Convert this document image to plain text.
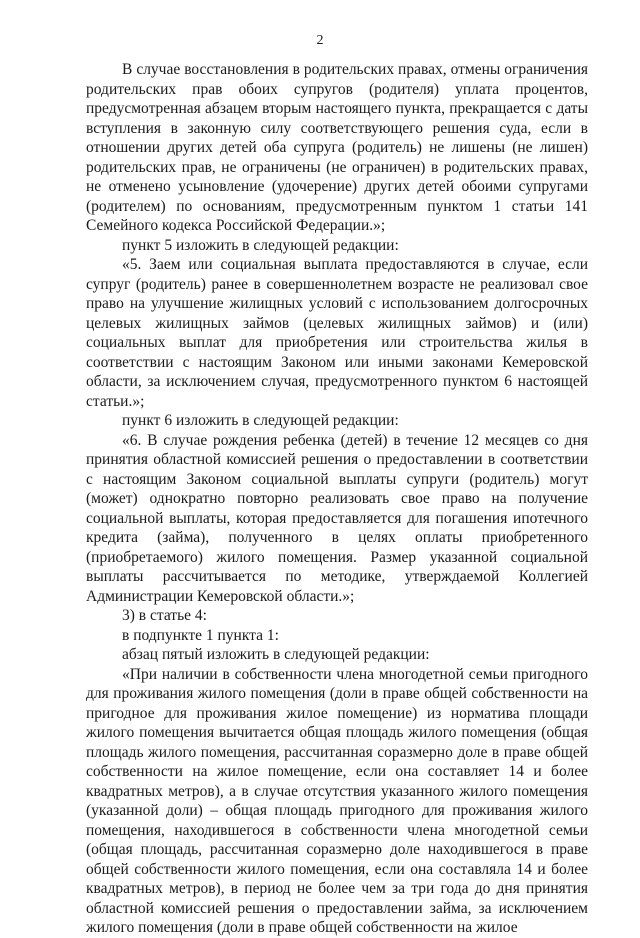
2

В случае восстановления в родительских правах, отмены ограничения родительских прав обоих супругов (родителя) уплата процентов, предусмотренная абзацем вторым настоящего пункта, прекращается с даты вступления в законную силу соответствующего решения суда, если в отношении других детей оба супруга (родитель) не лишены (не лишен) родительских прав, не ограничены (не ограничен) в родительских правах, не отменено усыновление (удочерение) других детей обоими супругами (родителем) по основаниям, предусмотренным пунктом 1 статьи 141 Семейного кодекса Российской Федерации.»;

пункт 5 изложить в следующей редакции:

«5. Заем или социальная выплата предоставляются в случае, если супруг (родитель) ранее в совершеннолетнем возрасте не реализовал свое право на улучшение жилищных условий с использованием долгосрочных целевых жилищных займов (целевых жилищных займов) и (или) социальных выплат для приобретения или строительства жилья в соответствии с настоящим Законом или иными законами Кемеровской области, за исключением случая, предусмотренного пунктом 6 настоящей статьи.»;

пункт 6 изложить в следующей редакции:

«6. В случае рождения ребенка (детей) в течение 12 месяцев со дня принятия областной комиссией решения о предоставлении в соответствии с настоящим Законом социальной выплаты супруги (родитель) могут (может) однократно повторно реализовать свое право на получение социальной выплаты, которая предоставляется для погашения ипотечного кредита (займа), полученного в целях оплаты приобретенного (приобретаемого) жилого помещения. Размер указанной социальной выплаты рассчитывается по методике, утверждаемой Коллегией Администрации Кемеровской области.»;

3) в статье 4:

в подпункте 1 пункта 1:

абзац пятый изложить в следующей редакции:

«При наличии в собственности члена многодетной семьи пригодного для проживания жилого помещения (доли в праве общей собственности на пригодное для проживания жилое помещение) из норматива площади жилого помещения вычитается общая площадь жилого помещения (общая площадь жилого помещения, рассчитанная соразмерно доле в праве общей собственности на жилое помещение, если она составляет 14 и более квадратных метров), а в случае отсутствия указанного жилого помещения (указанной доли) – общая площадь пригодного для проживания жилого помещения, находившегося в собственности члена многодетной семьи (общая площадь, рассчитанная соразмерно доле находившегося в праве общей собственности жилого помещения, если она составляла 14 и более квадратных метров), в период не более чем за три года до дня принятия областной комиссией решения о предоставлении займа, за исключением жилого помещения (доли в праве общей собственности на жилое
